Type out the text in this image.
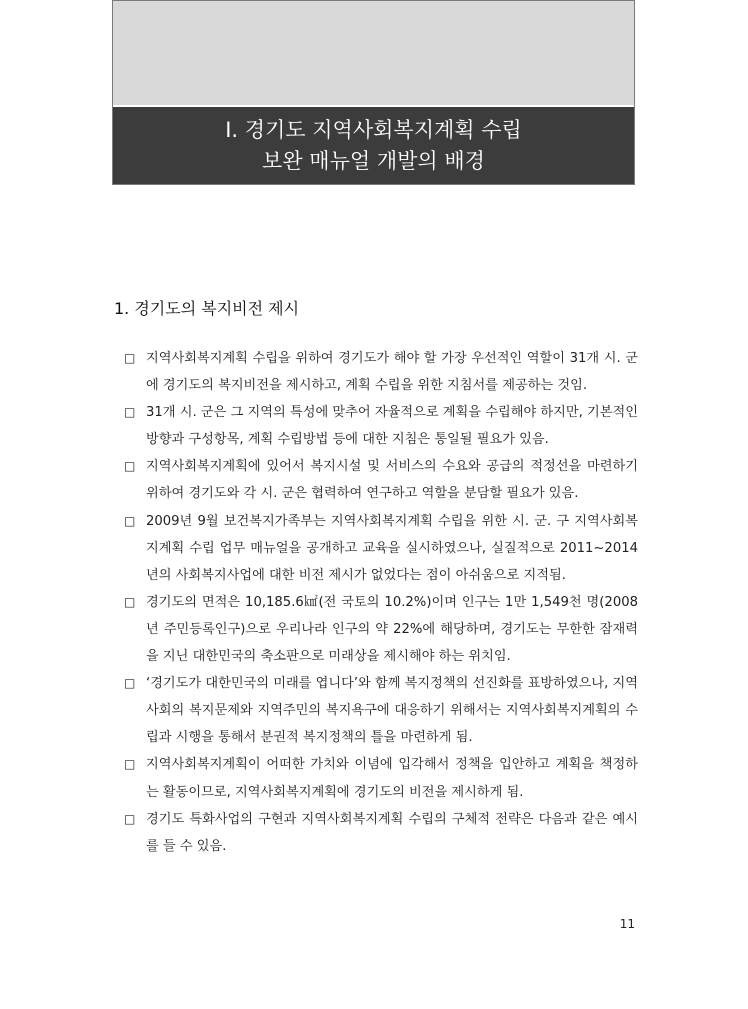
Ⅰ. 경기도 지역사회복지계획 수립
보완 매뉴얼 개발의 배경
1. 경기도의 복지비전 제시
□ 지역사회복지계획 수립을 위하여 경기도가 해야 할 가장 우선적인 역할이 31개 시. 군에 경기도의 복지비전을 제시하고, 계획 수립을 위한 지침서를 제공하는 것임.
□ 31개 시. 군은 그 지역의 특성에 맞추어 자율적으로 계획을 수립해야 하지만, 기본적인 방향과 구성항목, 계획 수립방법 등에 대한 지침은 통일될 필요가 있음.
□ 지역사회복지계획에 있어서 복지시설 및 서비스의 수요와 공급의 적정선을 마련하기 위하여 경기도와 각 시. 군은 협력하여 연구하고 역할을 분담할 필요가 있음.
□ 2009년 9월 보건복지가족부는 지역사회복지계획 수립을 위한 시. 군. 구 지역사회복지계획 수립 업무 매뉴얼을 공개하고 교육을 실시하였으나, 실질적으로 2011~2014년의 사회복지사업에 대한 비전 제시가 없었다는 점이 아쉬움으로 지적됨.
□ 경기도의 면적은 10,185.6㎢(전 국토의 10.2%)이며 인구는 1만 1,549천 명(2008년 주민등록인구)으로 우리나라 인구의 약 22%에 해당하며, 경기도는 무한한 잠재력을 지닌 대한민국의 축소판으로 미래상을 제시해야 하는 위치임.
□ ‘경기도가 대한민국의 미래를 엽니다’와 함께 복지정책의 선진화를 표방하였으나, 지역사회의 복지문제와 지역주민의 복지욕구에 대응하기 위해서는 지역사회복지계획의 수립과 시행을 통해서 분권적 복지정책의 틀을 마련하게 됨.
□ 지역사회복지계획이 어떠한 가치와 이념에 입각해서 정책을 입안하고 계획을 책정하는 활동이므로, 지역사회복지계획에 경기도의 비전을 제시하게 됨.
□ 경기도 특화사업의 구현과 지역사회복지계획 수립의 구체적 전략은 다음과 같은 예시를 들 수 있음.
11
